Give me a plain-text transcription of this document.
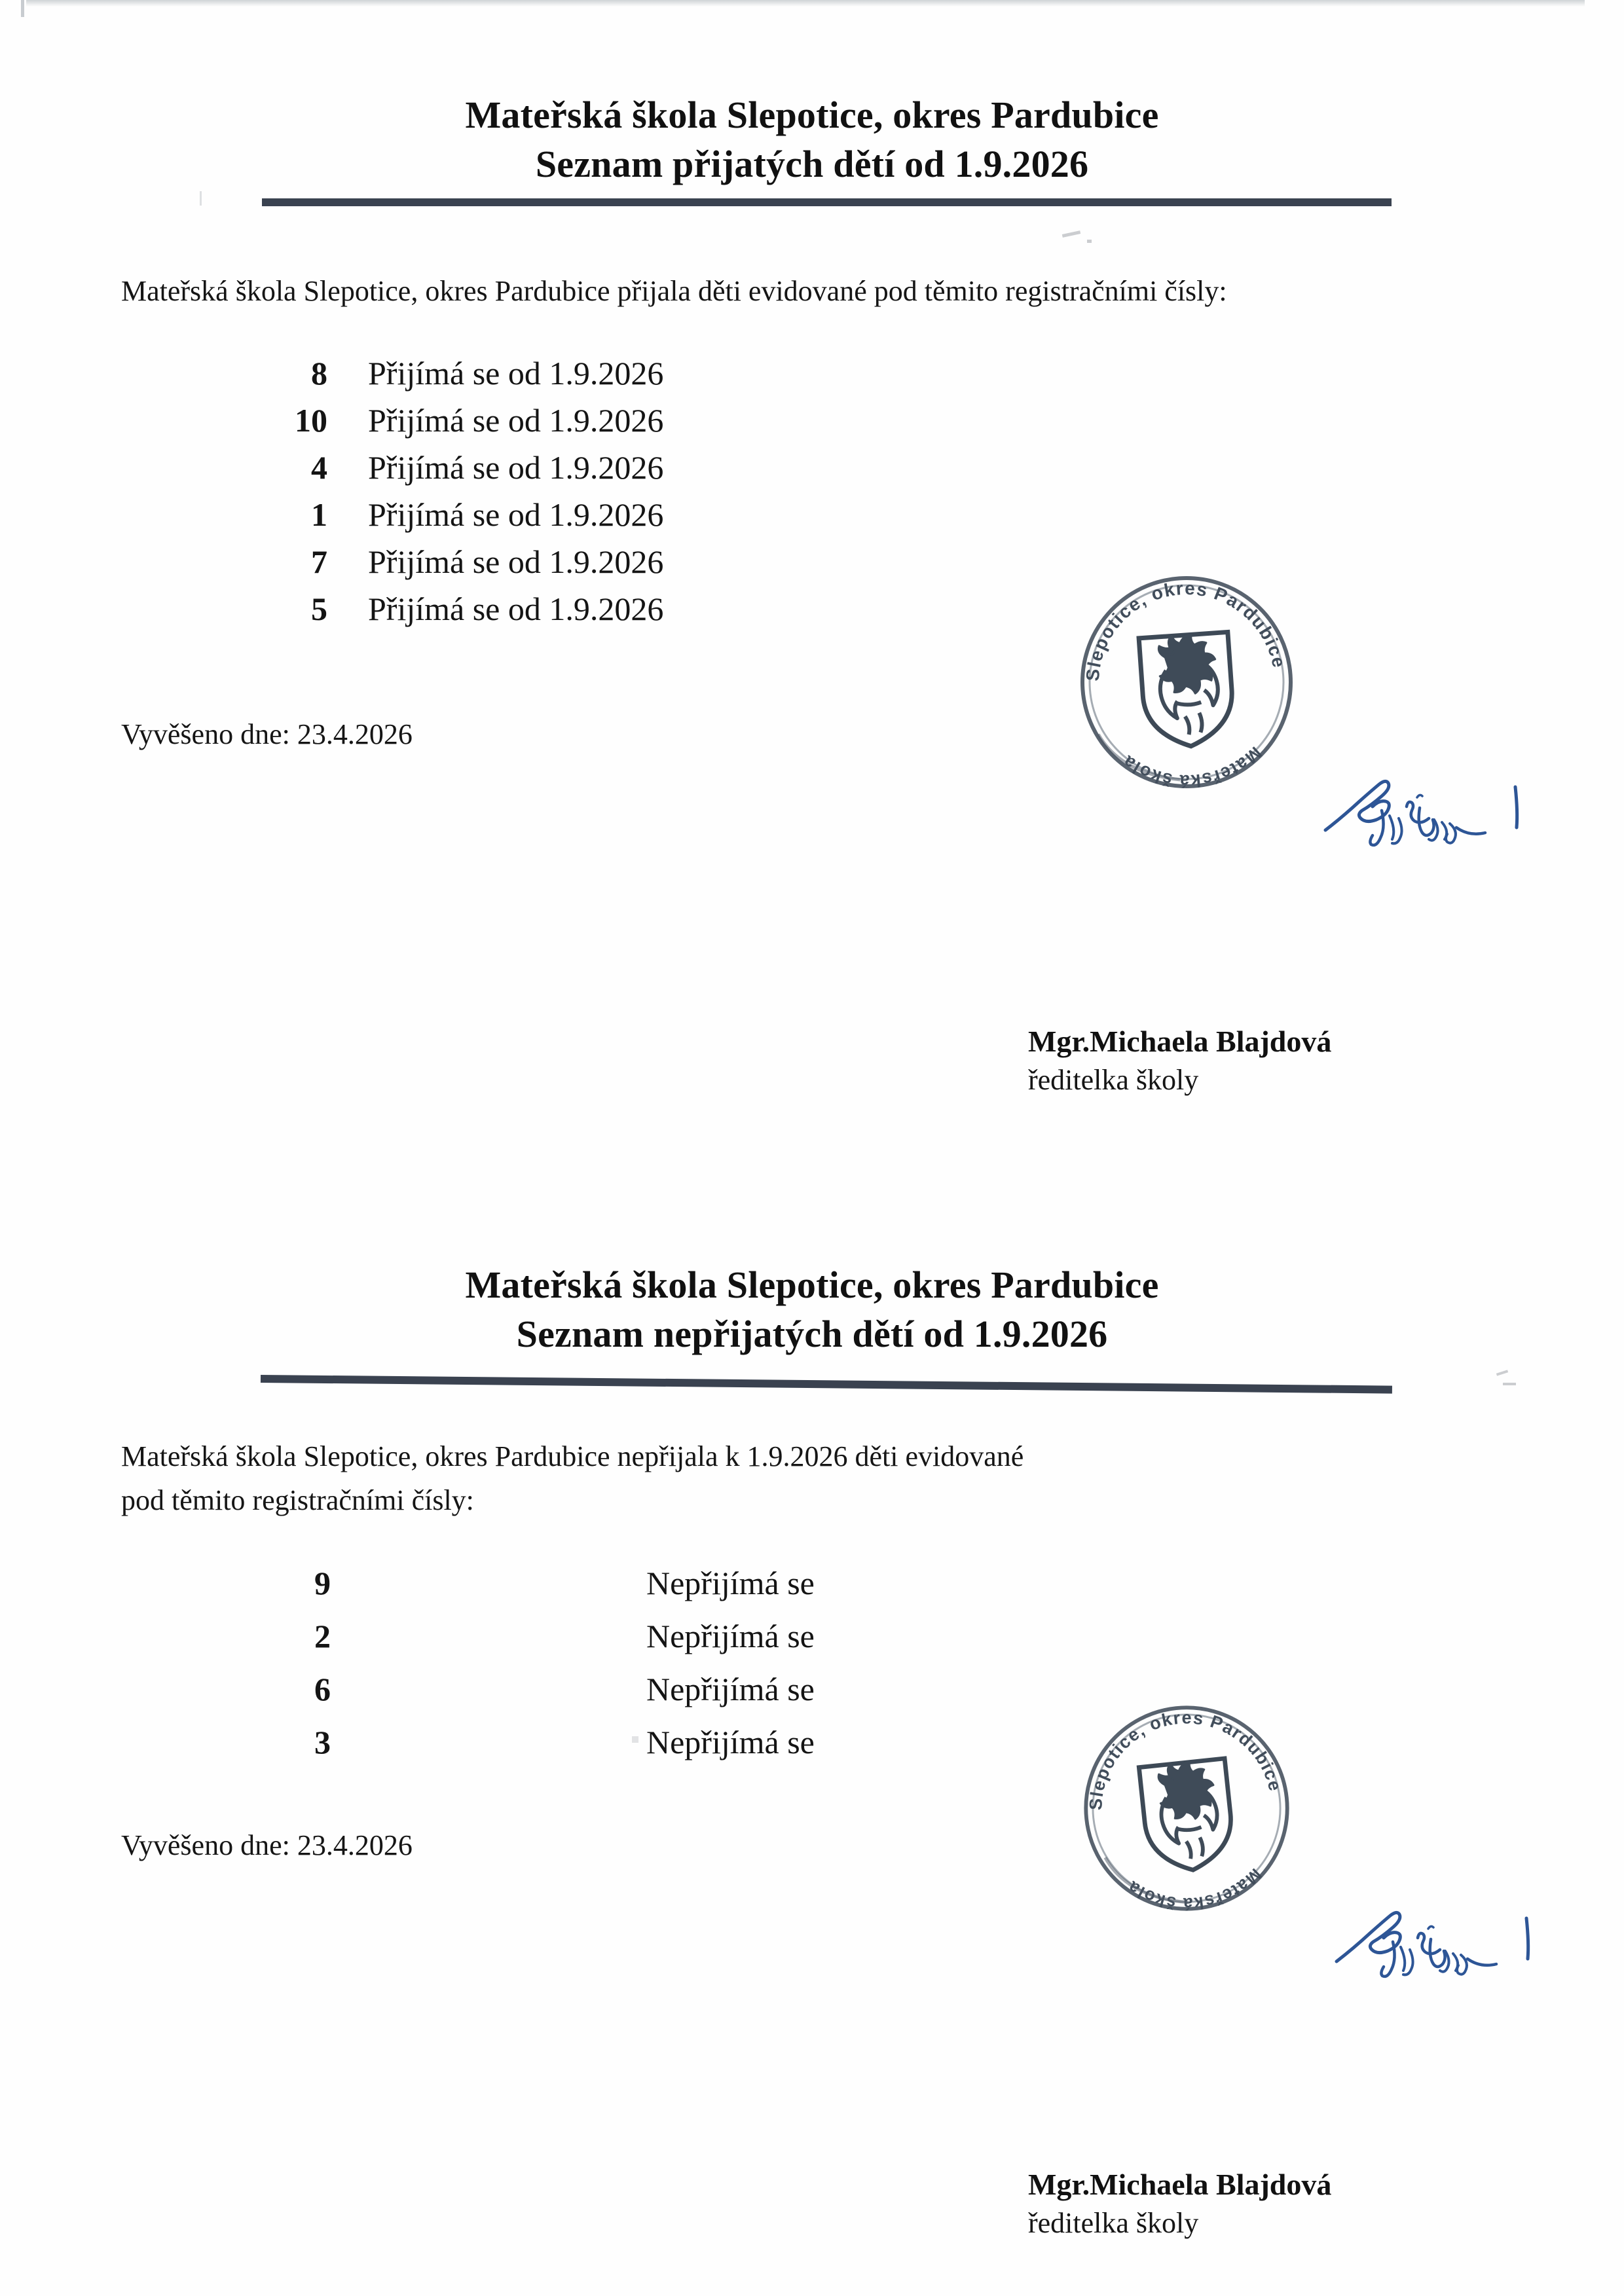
Mateřská škola Slepotice, okres Pardubice
Seznam přijatých dětí od 1.9.2026
Mateřská škola Slepotice, okres Pardubice přijala děti evidované pod těmito registračními čísly:
8	Přijímá se od 1.9.2026
10	Přijímá se od 1.9.2026
4	Přijímá se od 1.9.2026
1	Přijímá se od 1.9.2026
7	Přijímá se od 1.9.2026
5	Přijímá se od 1.9.2026
Slepotice, okres Pardubice
Mateřská škola
Vyvěšeno dne: 23.4.2026
Mgr.Michaela Blajdová
ředitelka školy
Mateřská škola Slepotice, okres Pardubice
Seznam nepřijatých dětí od 1.9.2026
Mateřská škola Slepotice, okres Pardubice nepřijala k 1.9.2026 děti evidované
pod těmito registračními čísly:
9	Nepřijímá se
2	Nepřijímá se
6	Nepřijímá se
3	Nepřijímá se
Slepotice, okres Pardubice
Mateřská škola
Vyvěšeno dne: 23.4.2026
Mgr.Michaela Blajdová
ředitelka školy
